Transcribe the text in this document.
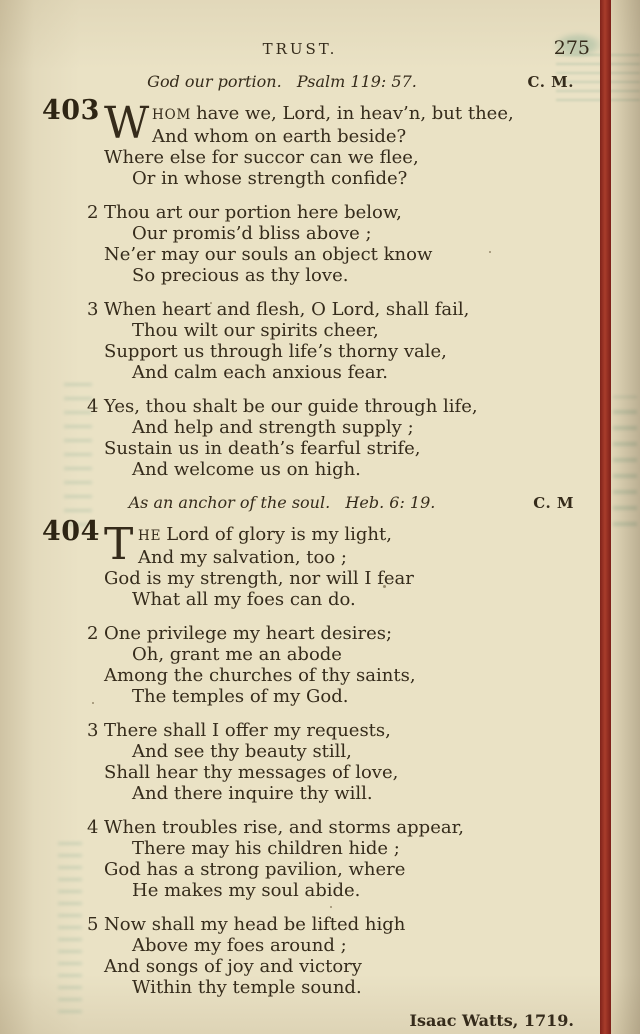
TRUST.	275
God our portion.   Psalm 119: 57.	C. M.
403 W HOM have we, Lord, in heav’n, but thee,
And whom on earth beside?
Where else for succor can we flee,
Or in whose strength confide?
2 Thou art our portion here below,
Our promis’d bliss above ;
Ne’er may our souls an object know
So precious as thy love.
3 When heart and flesh, O Lord, shall fail,
Thou wilt our spirits cheer,
Support us through life’s thorny vale,
And calm each anxious fear.
4 Yes, thou shalt be our guide through life,
And help and strength supply ;
Sustain us in death’s fearful strife,
And welcome us on high.
As an anchor of the soul.   Heb. 6: 19.	C. M
404 T HE Lord of glory is my light,
And my salvation, too ;
God is my strength, nor will I fear
What all my foes can do.
2 One privilege my heart desires;
Oh, grant me an abode
Among the churches of thy saints,
The temples of my God.
3 There shall I offer my requests,
And see thy beauty still,
Shall hear thy messages of love,
And there inquire thy will.
4 When troubles rise, and storms appear,
There may his children hide ;
God has a strong pavilion, where
He makes my soul abide.
5 Now shall my head be lifted high
Above my foes around ;
And songs of joy and victory
Within thy temple sound.
Isaac Watts, 1719.
